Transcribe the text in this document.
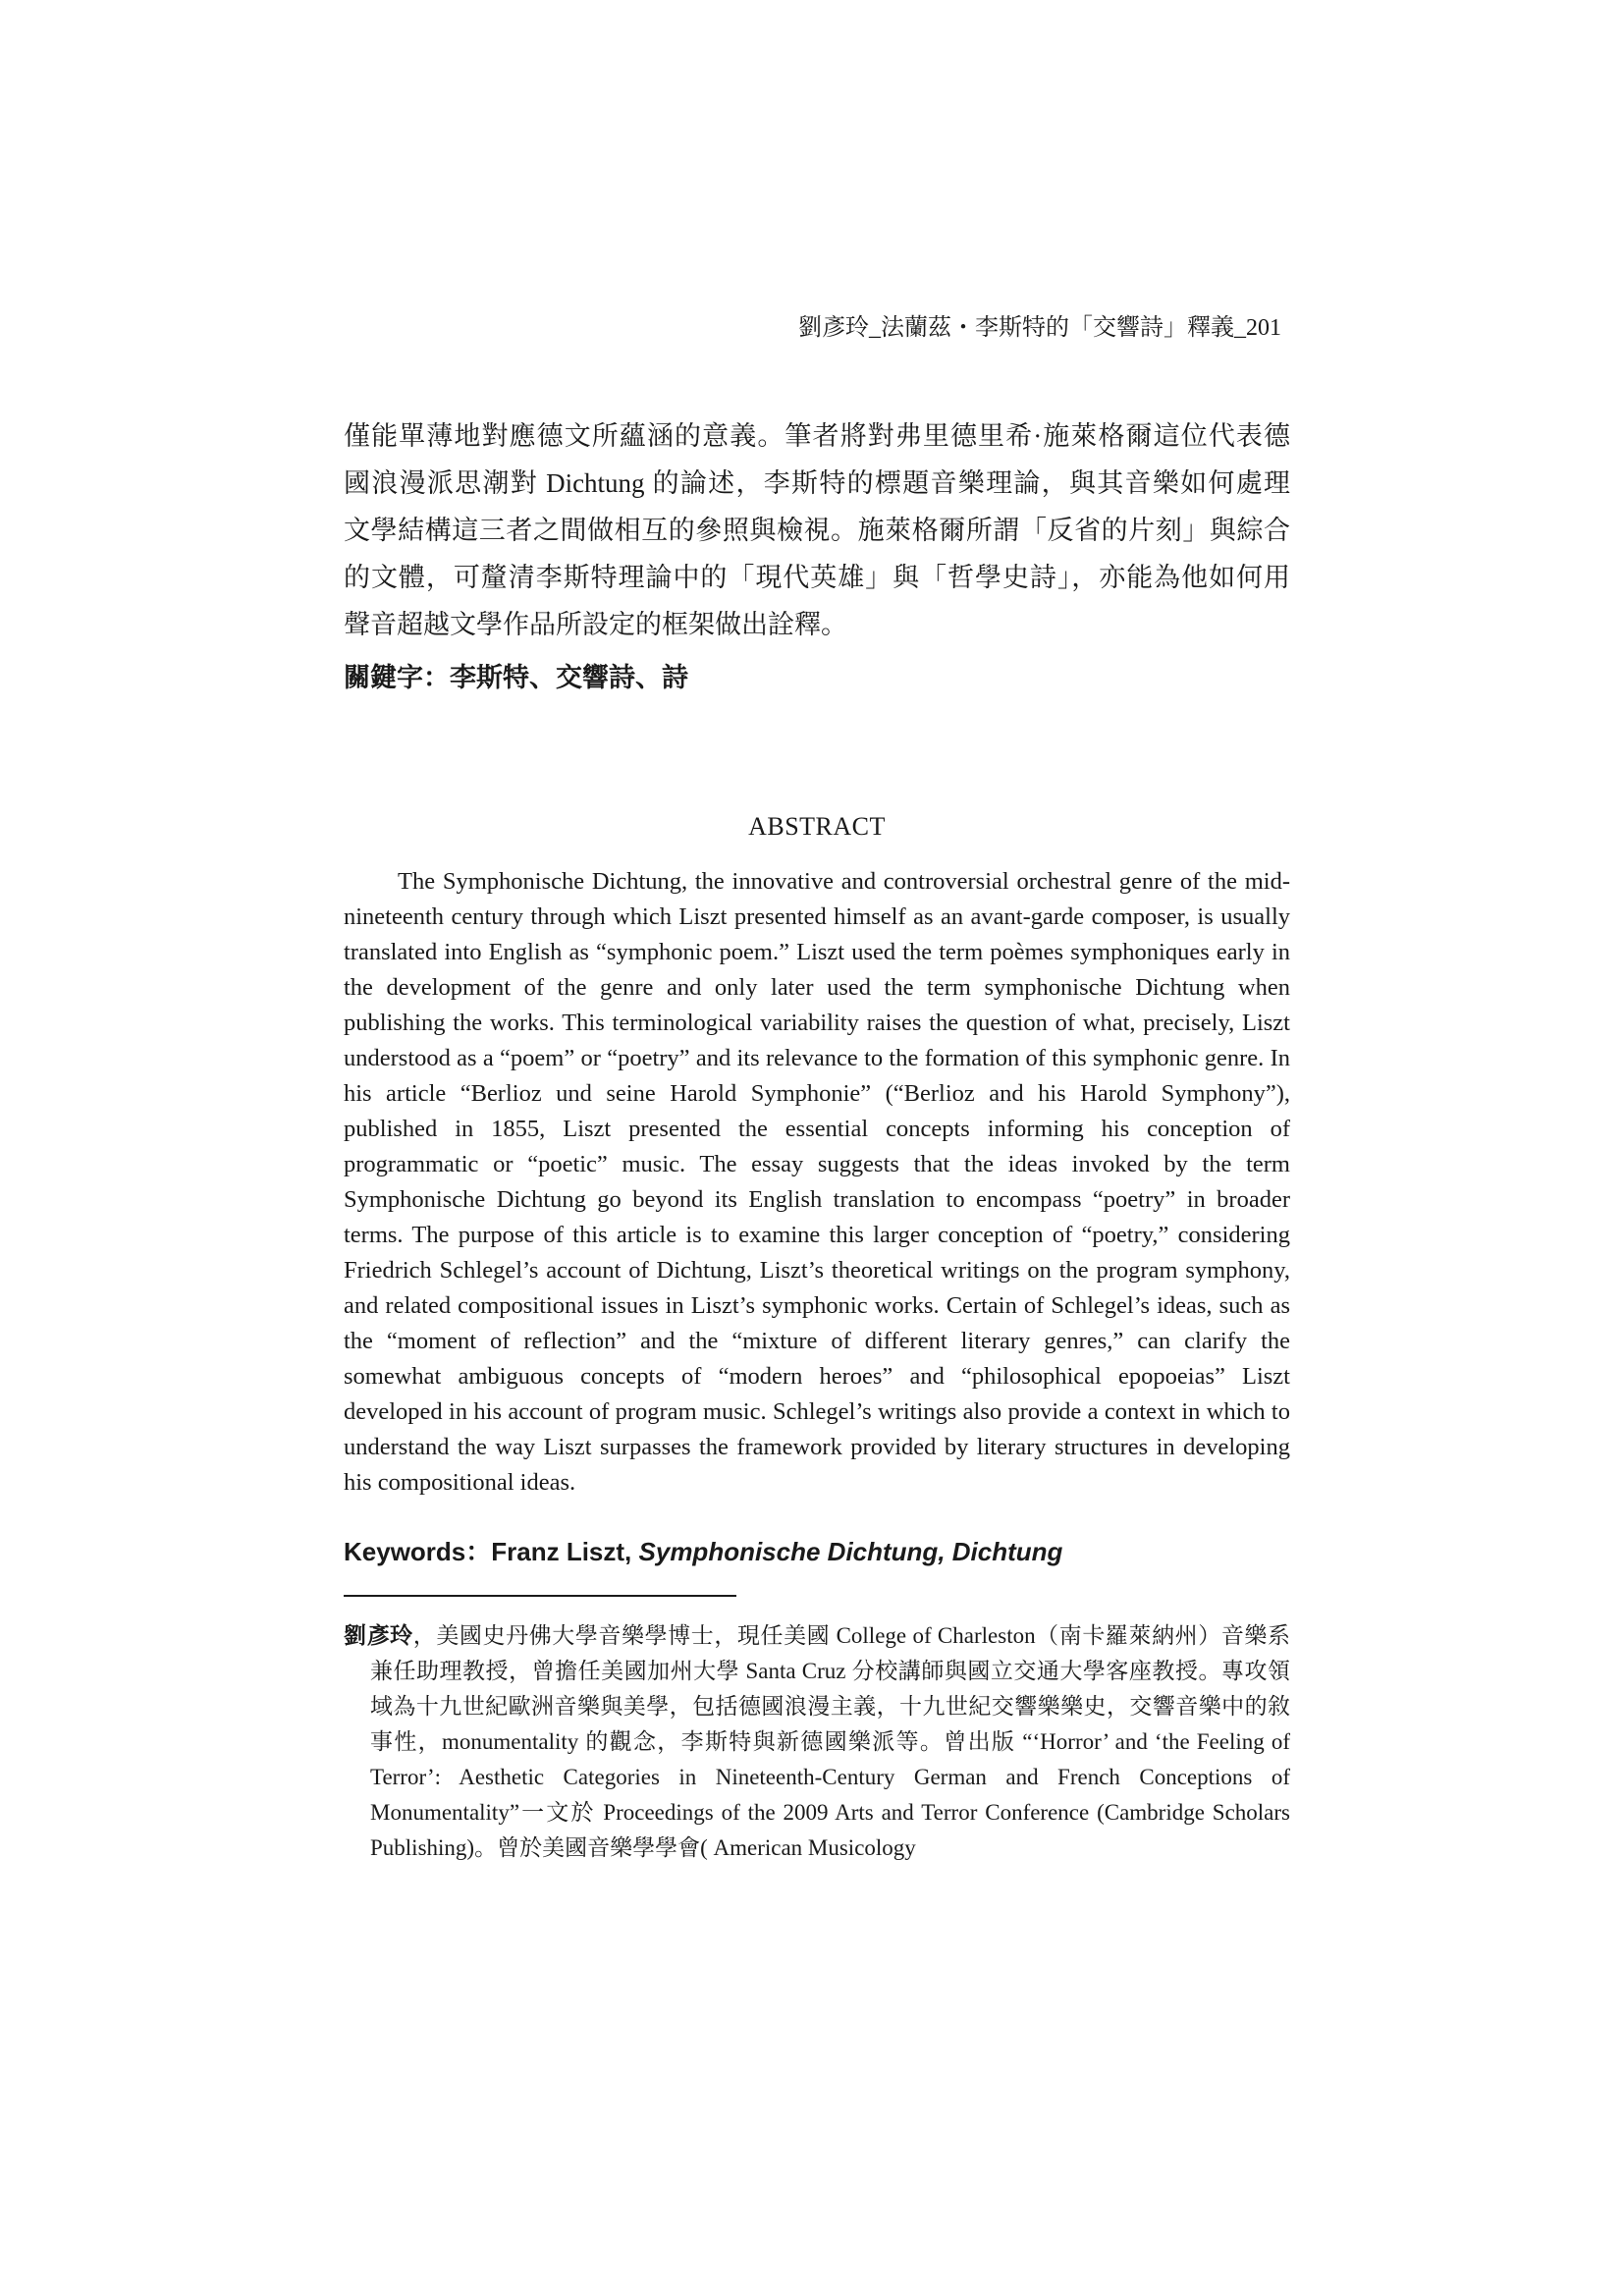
劉彥玲_法蘭茲・李斯特的「交響詩」釋義_201

僅能單薄地對應德文所蘊涵的意義。筆者將對弗里德里希·施萊格爾這位代表德
國浪漫派思潮對 Dichtung 的論述，李斯特的標題音樂理論，與其音樂如何處理
文學結構這三者之間做相互的參照與檢視。施萊格爾所謂「反省的片刻」與綜合
的文體，可釐清李斯特理論中的「現代英雄」與「哲學史詩」，亦能為他如何用
聲音超越文學作品所設定的框架做出詮釋。

關鍵字：李斯特、交響詩、詩

ABSTRACT

The Symphonische Dichtung, the innovative and controversial orchestral genre of the mid-nineteenth century through which Liszt presented himself as an avant-garde composer, is usually translated into English as “symphonic poem.” Liszt used the term poèmes symphoniques early in the development of the genre and only later used the term symphonische Dichtung when publishing the works. This terminological variability raises the question of what, precisely, Liszt understood as a “poem” or “poetry” and its relevance to the formation of this symphonic genre. In his article “Berlioz und seine Harold Symphonie” (“Berlioz and his Harold Symphony”), published in 1855, Liszt presented the essential concepts informing his conception of programmatic or “poetic” music. The essay suggests that the ideas invoked by the term Symphonische Dichtung go beyond its English translation to encompass “poetry” in broader terms. The purpose of this article is to examine this larger conception of “poetry,” considering Friedrich Schlegel’s account of Dichtung, Liszt’s theoretical writings on the program symphony, and related compositional issues in Liszt’s symphonic works. Certain of Schlegel’s ideas, such as the “moment of reflection” and the “mixture of different literary genres,” can clarify the somewhat ambiguous concepts of “modern heroes” and “philosophical epopoeias” Liszt developed in his account of program music. Schlegel’s writings also provide a context in which to understand the way Liszt surpasses the framework provided by literary structures in developing his compositional ideas.

Keywords：Franz Liszt, Symphonische Dichtung, Dichtung

劉彥玲，美國史丹佛大學音樂學博士，現任美國 College of Charleston（南卡羅萊納州）音樂系兼任助理教授，曾擔任美國加州大學 Santa Cruz 分校講師與國立交通大學客座教授。專攻領域為十九世紀歐洲音樂與美學，包括德國浪漫主義，十九世紀交響樂樂史，交響音樂中的敘事性，monumentality 的觀念，李斯特與新德國樂派等。曾出版 “‘Horror’ and ‘the Feeling of Terror’: Aesthetic Categories in Nineteenth-Century German and French Conceptions of Monumentality”一文於 Proceedings of the 2009 Arts and Terror Conference (Cambridge Scholars Publishing)。曾於美國音樂學學會( American Musicology
